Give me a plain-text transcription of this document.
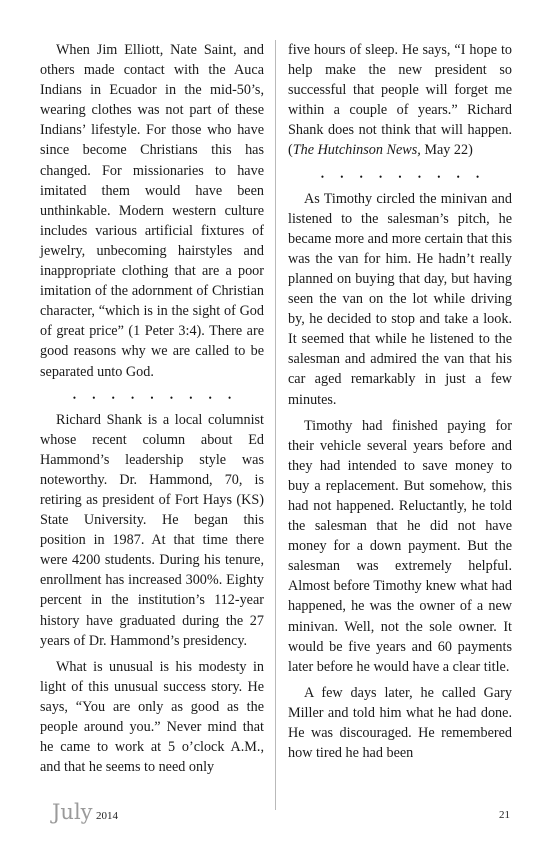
When Jim Elliott, Nate Saint, and others made contact with the Auca Indians in Ecuador in the mid-50’s, wearing clothes was not part of these Indians’ lifestyle. For those who have since become Christians this has changed. For missionaries to have imitated them would have been unthinkable. Modern western culture includes various artificial fixtures of jewelry, unbecoming hairstyles and inappropriate clothing that are a poor imitation of the adornment of Christian character, “which is in the sight of God of great price” (1 Peter 3:4). There are good reasons why we are called to be separated unto God.

• • • • • • • • •

Richard Shank is a local columnist whose recent column about Ed Hammond’s leadership style was noteworthy. Dr. Hammond, 70, is retiring as president of Fort Hays (KS) State University. He began this position in 1987. At that time there were 4200 students. During his tenure, enrollment has increased 300%. Eighty percent in the institution’s 112-year history have graduated during the 27 years of Dr. Hammond’s presidency.

What is unusual is his modesty in light of this unusual success story. He says, “You are only as good as the people around you.” Never mind that he came to work at 5 o’clock A.M., and that he seems to need only

five hours of sleep. He says, “I hope to help make the new president so successful that people will forget me within a couple of years.” Richard Shank does not think that will happen. (The Hutchinson News, May 22)

• • • • • • • • •

As Timothy circled the minivan and listened to the salesman’s pitch, he became more and more certain that this was the van for him. He hadn’t really planned on buying that day, but having seen the van on the lot while driving by, he decided to stop and take a look. It seemed that while he listened to the salesman and admired the van that his car aged remarkably in just a few minutes.

Timothy had finished paying for their vehicle several years before and they had intended to save money to buy a replacement. But somehow, this had not happened. Reluctantly, he told the salesman that he did not have money for a down payment. But the salesman was extremely helpful. Almost before Timothy knew what had happened, he was the owner of a new minivan. Well, not the sole owner. It would be five years and 60 payments later before he would have a clear title.

A few days later, he called Gary Miller and told him what he had done. He was discouraged. He remembered how tired he had been

July 2014	21
